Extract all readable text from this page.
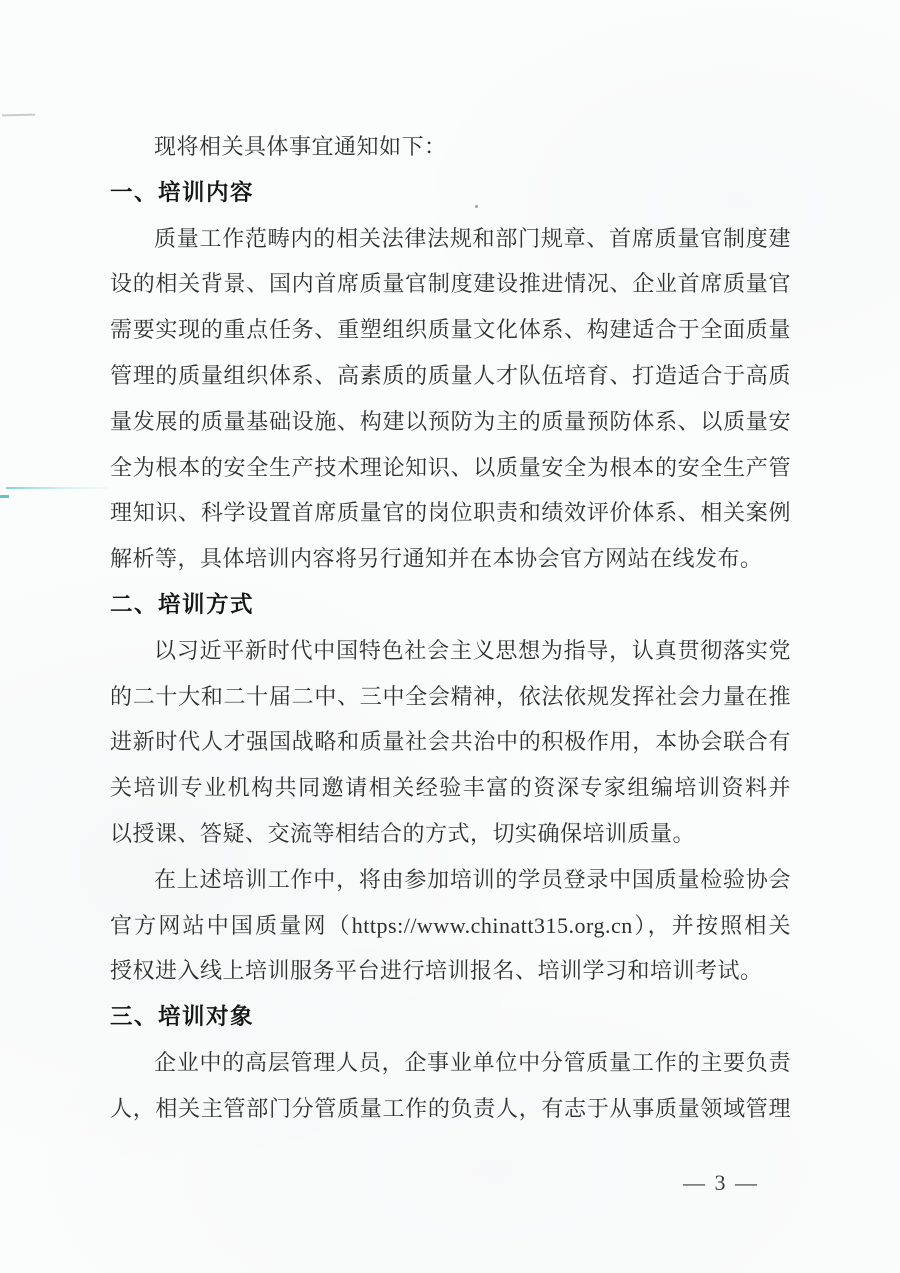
现将相关具体事宜通知如下：
一、培训内容
质量工作范畴内的相关法律法规和部门规章、首席质量官制度建
设的相关背景、国内首席质量官制度建设推进情况、企业首席质量官
需要实现的重点任务、重塑组织质量文化体系、构建适合于全面质量
管理的质量组织体系、高素质的质量人才队伍培育、打造适合于高质
量发展的质量基础设施、构建以预防为主的质量预防体系、以质量安
全为根本的安全生产技术理论知识、以质量安全为根本的安全生产管
理知识、科学设置首席质量官的岗位职责和绩效评价体系、相关案例
解析等，具体培训内容将另行通知并在本协会官方网站在线发布。
二、培训方式
以习近平新时代中国特色社会主义思想为指导，认真贯彻落实党
的二十大和二十届二中、三中全会精神，依法依规发挥社会力量在推
进新时代人才强国战略和质量社会共治中的积极作用，本协会联合有
关培训专业机构共同邀请相关经验丰富的资深专家组编培训资料并
以授课、答疑、交流等相结合的方式，切实确保培训质量。
在上述培训工作中，将由参加培训的学员登录中国质量检验协会
官方网站中国质量网（https://www.chinatt315.org.cn），并按照相关
授权进入线上培训服务平台进行培训报名、培训学习和培训考试。
三、培训对象
企业中的高层管理人员，企事业单位中分管质量工作的主要负责
人，相关主管部门分管质量工作的负责人，有志于从事质量领域管理
— 3 —
